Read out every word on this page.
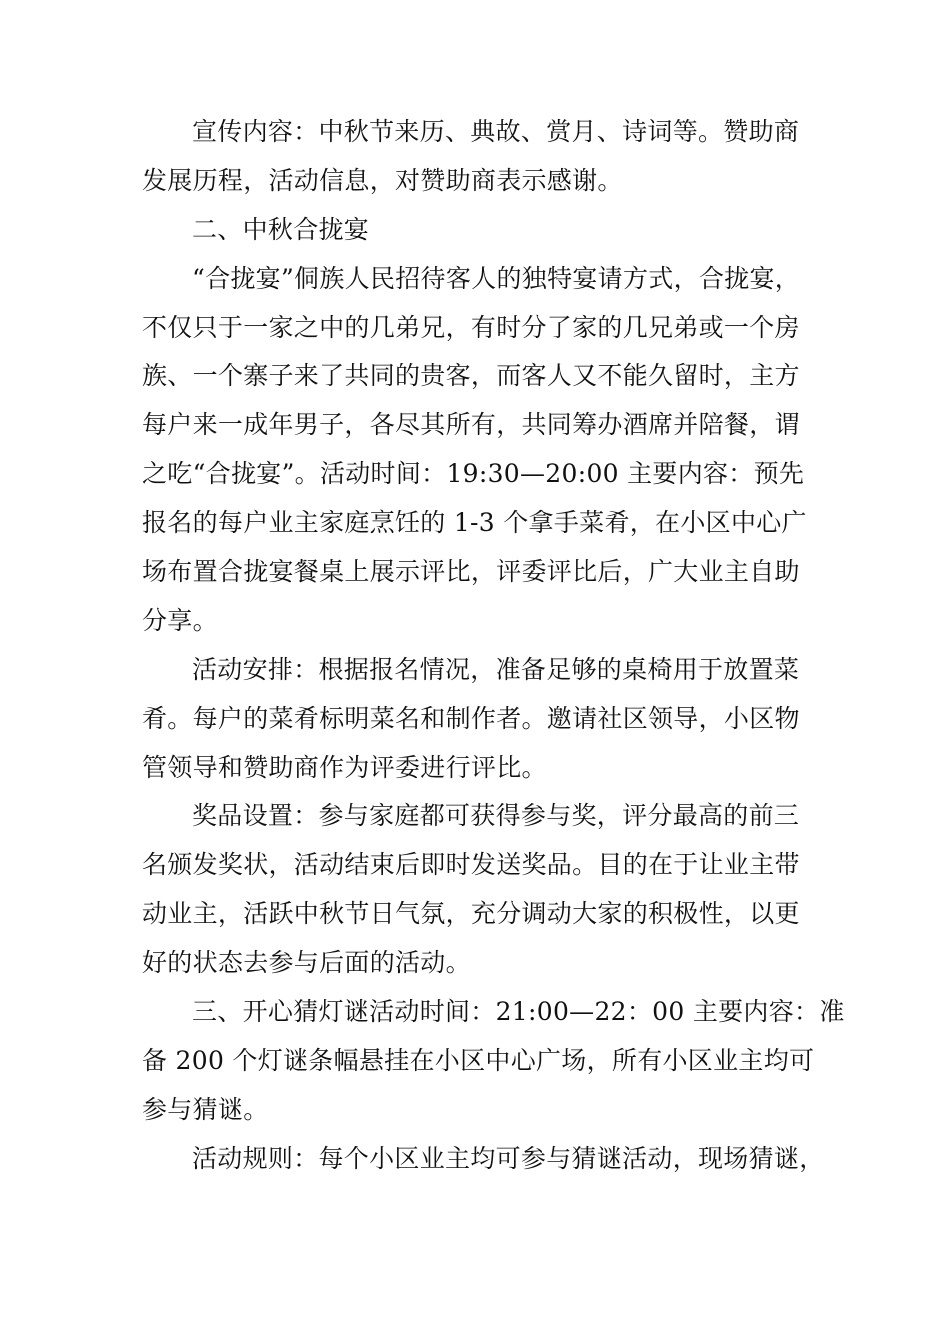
宣传内容：中秋节来历、典故、赏月、诗词等。赞助商
发展历程，活动信息，对赞助商表示感谢。
二、中秋合拢宴
“合拢宴”侗族人民招待客人的独特宴请方式，合拢宴，
不仅只于一家之中的几弟兄，有时分了家的几兄弟或一个房
族、一个寨子来了共同的贵客，而客人又不能久留时，主方
每户来一成年男子，各尽其所有，共同筹办酒席并陪餐，谓
之吃“合拢宴”。活动时间：19:30—20:00 主要内容：预先
报名的每户业主家庭烹饪的 1-3 个拿手菜肴，在小区中心广
场布置合拢宴餐桌上展示评比，评委评比后，广大业主自助
分享。
活动安排：根据报名情况，准备足够的桌椅用于放置菜
肴。每户的菜肴标明菜名和制作者。邀请社区领导，小区物
管领导和赞助商作为评委进行评比。
奖品设置：参与家庭都可获得参与奖，评分最高的前三
名颁发奖状，活动结束后即时发送奖品。目的在于让业主带
动业主，活跃中秋节日气氛，充分调动大家的积极性，以更
好的状态去参与后面的活动。
三、开心猜灯谜活动时间：21:00—22：00 主要内容：准
备 200 个灯谜条幅悬挂在小区中心广场，所有小区业主均可
参与猜谜。
活动规则：每个小区业主均可参与猜谜活动，现场猜谜，
